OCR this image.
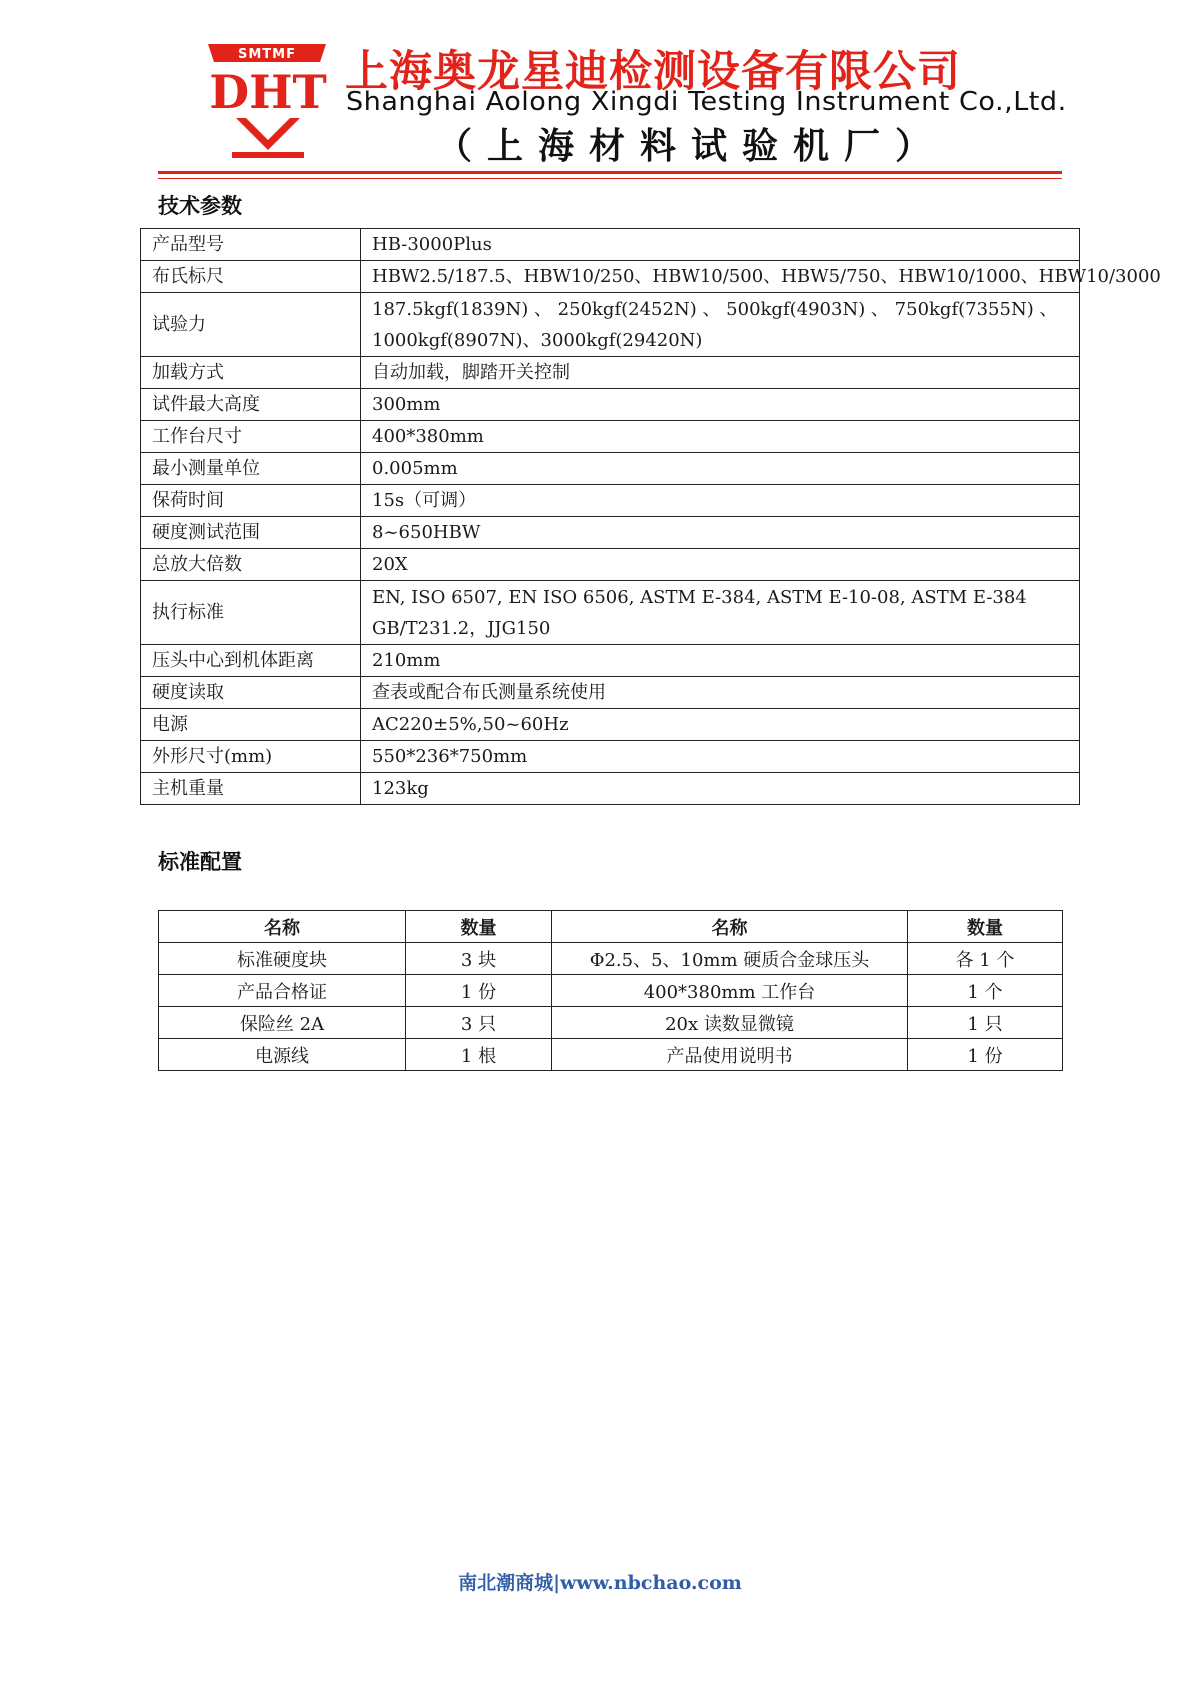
SMTMF
DHT 上海奥龙星迪检测设备有限公司
Shanghai Aolong Xingdi Testing Instrument Co.,Ltd.
（上海材料试验机厂）
技术参数
产品型号	HB-3000Plus

布氏标尺	HBW2.5/187.5、HBW10/250、HBW10/500、HBW5/750、HBW10/1000、HBW10/3000

试验力	187.5kgf(1839N) 、 250kgf(2452N) 、 500kgf(4903N) 、 750kgf(7355N) 、
1000kgf(8907N)、3000kgf(29420N)

加载方式	自动加载，脚踏开关控制

试件最大高度	300mm

工作台尺寸	400*380mm

最小测量单位	0.005mm

保荷时间	15s（可调）

硬度测试范围	8~650HBW

总放大倍数	20X

执行标准	EN, ISO 6507, EN ISO 6506, ASTM E-384, ASTM E-10-08, ASTM E-384
GB/T231.2，JJG150

压头中心到机体距离	210mm

硬度读取	查表或配合布氏测量系统使用

电源	AC220±5%,50~60Hz

外形尺寸(mm)	550*236*750mm

主机重量	123kg
标准配置
名称	数量	名称	数量
标准硬度块	3 块	Φ2.5、5、10mm 硬质合金球压头	各 1 个
产品合格证	1 份	400*380mm 工作台	1 个
保险丝 2A	3 只	20x 读数显微镜	1 只
电源线	1 根	产品使用说明书	1 份
南北潮商城|www.nbchao.com
